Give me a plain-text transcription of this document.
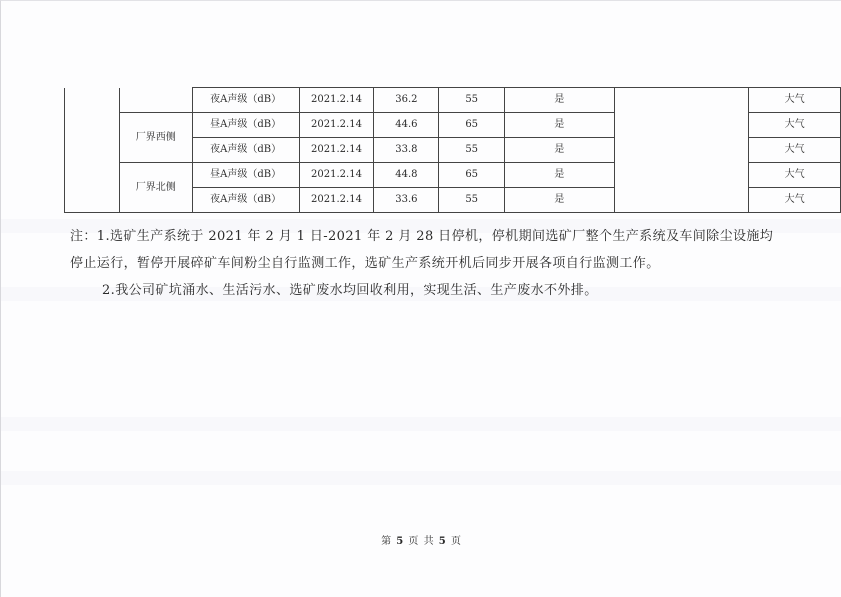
		夜A声级（dB）	2021.2.14	36.2	55	是		大气
	厂界西侧	昼A声级（dB）	2021.2.14	44.6	65	是		大气
		夜A声级（dB）	2021.2.14	33.8	55	是		大气
	厂界北侧	昼A声级（dB）	2021.2.14	44.8	65	是		大气
		夜A声级（dB）	2021.2.14	33.6	55	是		大气

注：1.选矿生产系统于 2021 年 2 月 1 日-2021 年 2 月 28 日停机，停机期间选矿厂整个生产系统及车间除尘设施均

停止运行，暂停开展碎矿车间粉尘自行监测工作，选矿生产系统开机后同步开展各项自行监测工作。

2.我公司矿坑涌水、生活污水、选矿废水均回收利用，实现生活、生产废水不外排。

第 5 页 共 5 页
